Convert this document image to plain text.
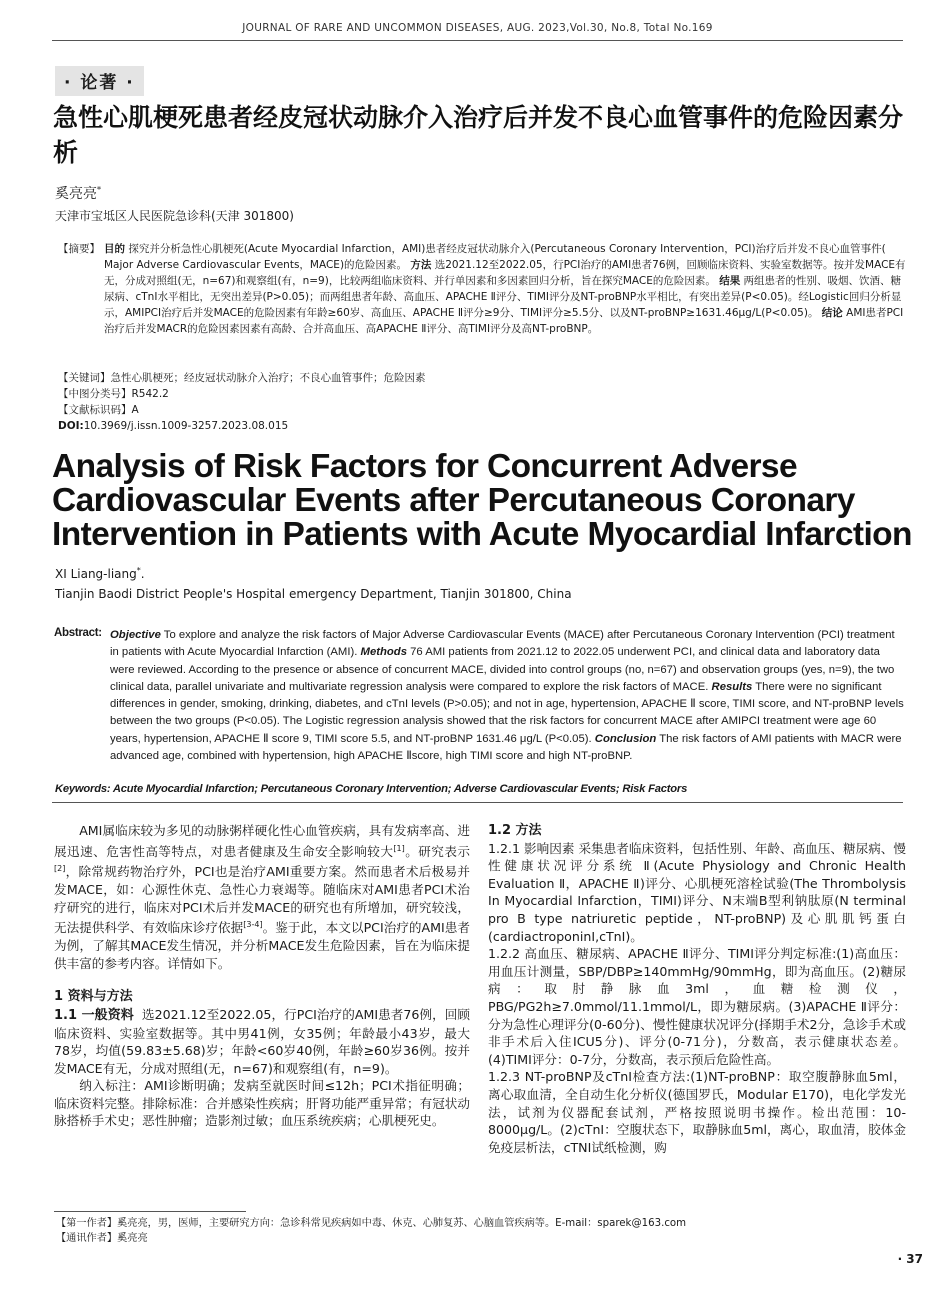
JOURNAL OF RARE AND UNCOMMON DISEASES, AUG. 2023,Vol.30, No.8, Total No.169
· 论著 ·
急性心肌梗死患者经皮冠状动脉介入治疗后并发不良心血管事件的危险因素分析
奚亮亮*
天津市宝坻区人民医院急诊科(天津 301800)
【摘要】 目的 探究并分析急性心肌梗死(Acute Myocardial Infarction，AMI)患者经皮冠状动脉介入(Percutaneous Coronary Intervention，PCI)治疗后并发不良心血管事件( Major Adverse Cardiovascular Events，MACE)的危险因素。 方法 选2021.12至2022.05，行PCI治疗的AMI患者76例，回顾临床资料、实验室数据等。按并发MACE有无，分成对照组(无，n=67)和观察组(有，n=9)，比较两组临床资料、并行单因素和多因素回归分析，旨在探究MACE的危险因素。 结果 两组患者的性别、吸烟、饮酒、糖尿病、cTnI水平相比，无突出差异(P>0.05)；而两组患者年龄、高血压、APACHE Ⅱ评分、TIMI评分及NT-proBNP水平相比，有突出差异(P<0.05)。经Logistic回归分析显示，AMIPCI治疗后并发MACE的危险因素有年龄≥60岁、高血压、APACHE Ⅱ评分≥9分、TIMI评分≥5.5分、以及NT-proBNP≥1631.46μg/L(P<0.05)。 结论 AMI患者PCI治疗后并发MACR的危险因素因素有高龄、合并高血压、高APACHE Ⅱ评分、高TIMI评分及高NT-proBNP。
【关键词】急性心肌梗死；经皮冠状动脉介入治疗；不良心血管事件；危险因素
【中图分类号】R542.2
【文献标识码】A
DOI:10.3969/j.issn.1009-3257.2023.08.015
Analysis of Risk Factors for Concurrent Adverse Cardiovascular Events after Percutaneous Coronary Intervention in Patients with Acute Myocardial Infarction
XI Liang-liang*.
Tianjin Baodi District People's Hospital emergency Department, Tianjin 301800, China
Abstract: Objective To explore and analyze the risk factors of Major Adverse Cardiovascular Events (MACE) after Percutaneous Coronary Intervention (PCI) treatment in patients with Acute Myocardial Infarction (AMI). Methods 76 AMI patients from 2021.12 to 2022.05 underwent PCI, and clinical data and laboratory data were reviewed. According to the presence or absence of concurrent MACE, divided into control groups (no, n=67) and observation groups (yes, n=9), the two clinical data, parallel univariate and multivariate regression analysis were compared to explore the risk factors of MACE. Results There were no significant differences in gender, smoking, drinking, diabetes, and cTnI levels (P>0.05); and not in age, hypertension, APACHE Ⅱ score, TIMI score, and NT-proBNP levels between the two groups (P<0.05). The Logistic regression analysis showed that the risk factors for concurrent MACE after AMIPCI treatment were age 60 years, hypertension, APACHE Ⅱ score 9, TIMI score 5.5, and NT-proBNP 1631.46 μg/L (P<0.05). Conclusion The risk factors of AMI patients with MACR were advanced age, combined with hypertension, high APACHE Ⅱscore, high TIMI score and high NT-proBNP.
Keywords: Acute Myocardial Infarction; Percutaneous Coronary Intervention; Adverse Cardiovascular Events; Risk Factors

AMI属临床较为多见的动脉粥样硬化性心血管疾病，具有发病率高、进展迅速、危害性高等特点，对患者健康及生命安全影响较大[1]。研究表示[2]，除常规药物治疗外，PCI也是治疗AMI重要方案。然而患者术后极易并发MACE，如：心源性休克、急性心力衰竭等。随临床对AMI患者PCI术治疗研究的进行，临床对PCI术后并发MACE的研究也有所增加，研究较浅，无法提供科学、有效临床诊疗依据[3-4]。鉴于此，本文以PCI治疗的AMI患者为例，了解其MACE发生情况，并分析MACE发生危险因素，旨在为临床提供丰富的参考内容。详情如下。

1 资料与方法

1.1 一般资料 选2021.12至2022.05，行PCI治疗的AMI患者76例，回顾临床资料、实验室数据等。其中男41例，女35例；年龄最小43岁，最大78岁，均值(59.83±5.68)岁；年龄<60岁40例，年龄≥60岁36例。按并发MACE有无，分成对照组(无，n=67)和观察组(有，n=9)。

纳入标注：AMI诊断明确；发病至就医时间≤12h；PCI术指征明确；临床资料完整。排除标准：合并感染性疾病；肝肾功能严重异常；有冠状动脉搭桥手术史；恶性肿瘤；造影剂过敏；血压系统疾病；心肌梗死史。

1.2 方法

1.2.1 影响因素 采集患者临床资料，包括性别、年龄、高血压、糖尿病、慢性健康状况评分系统 Ⅱ(Acute Physiology and Chronic Health Evaluation Ⅱ，APACHE Ⅱ)评分、心肌梗死溶栓试验(The Thrombolysis In Myocardial Infarction，TIMI)评分、N末端B型利钠肽原(N terminal pro B type natriuretic peptide，NT-proBNP)及心肌肌钙蛋白(cardiactroponinI,cTnI)。

1.2.2 高血压、糖尿病、APACHE Ⅱ评分、TIMI评分判定标准:(1)高血压：用血压计测量，SBP/DBP≥140mmHg/90mmHg，即为高血压。(2)糖尿病：取肘静脉血3ml，血糖检测仪，PBG/PG2h≥7.0mmol/11.1mmol/L，即为糖尿病。(3)APACHE Ⅱ评分：分为急性心理评分(0-60分)、慢性健康状况评分(择期手术2分，急诊手术或非手术后入住ICU5分)、评分(0-71分)，分数高，表示健康状态差。(4)TIMI评分：0-7分，分数高，表示预后危险性高。

1.2.3 NT-proBNP及cTnI检查方法:(1)NT-proBNP：取空腹静脉血5ml，离心取血清，全自动生化分析仪(德国罗氏，Modular E170)，电化学发光法，试剂为仪器配套试剂，严格按照说明书操作。检出范围：10-8000μg/L。(2)cTnI：空腹状态下，取静脉血5ml，离心，取血清，胶体金免疫层析法，cTNI试纸检测，购

【第一作者】奚亮亮，男，医师，主要研究方向：急诊科常见疾病如中毒、休克、心肺复苏、心脑血管疾病等。E-mail：sparek@163.com
【通讯作者】奚亮亮
· 37
